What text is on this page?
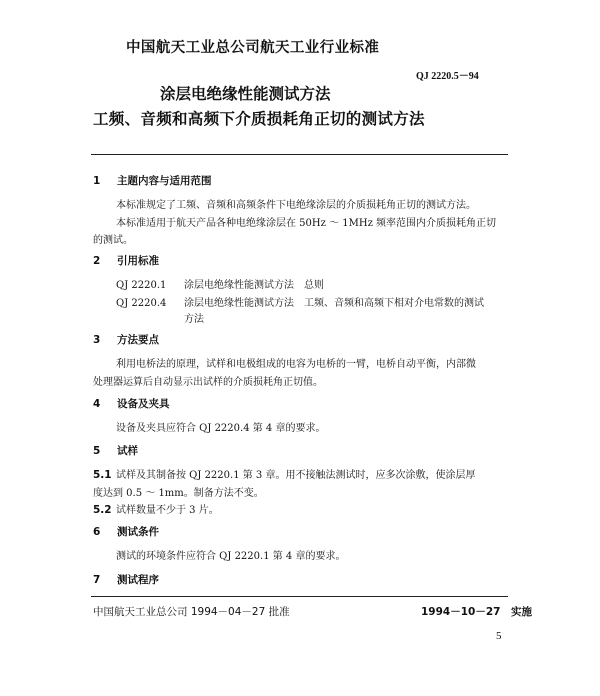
中国航天工业总公司航天工业行业标准
QJ 2220.5－94
涂层电绝缘性能测试方法
工频、音频和高频下介质损耗角正切的测试方法
1 主题内容与适用范围
本标准规定了工频、音频和高频条件下电绝缘涂层的介质损耗角正切的测试方法。
本标准适用于航天产品各种电绝缘涂层在 50Hz ～ 1MHz 频率范围内介质损耗角正切
的测试。
2 引用标准
QJ 2220.1 涂层电绝缘性能测试方法　总则
QJ 2220.4 涂层电绝缘性能测试方法　工频、音频和高频下相对介电常数的测试
方法
3 方法要点
利用电桥法的原理，试样和电极组成的电容为电桥的一臂，电桥自动平衡，内部微
处理器运算后自动显示出试样的介质损耗角正切值。
4 设备及夹具
设备及夹具应符合 QJ 2220.4 第 4 章的要求。
5 试样
5.1 试样及其制备按 QJ 2220.1 第 3 章。用不接触法测试时，应多次涂敷，使涂层厚
度达到 0.5 ～ 1mm。制备方法不变。
5.2 试样数量不少于 3 片。
6 测试条件
测试的环境条件应符合 QJ 2220.1 第 4 章的要求。
7 测试程序
中国航天工业总公司 1994－04－27 批准	1994－10－27　实施
5
